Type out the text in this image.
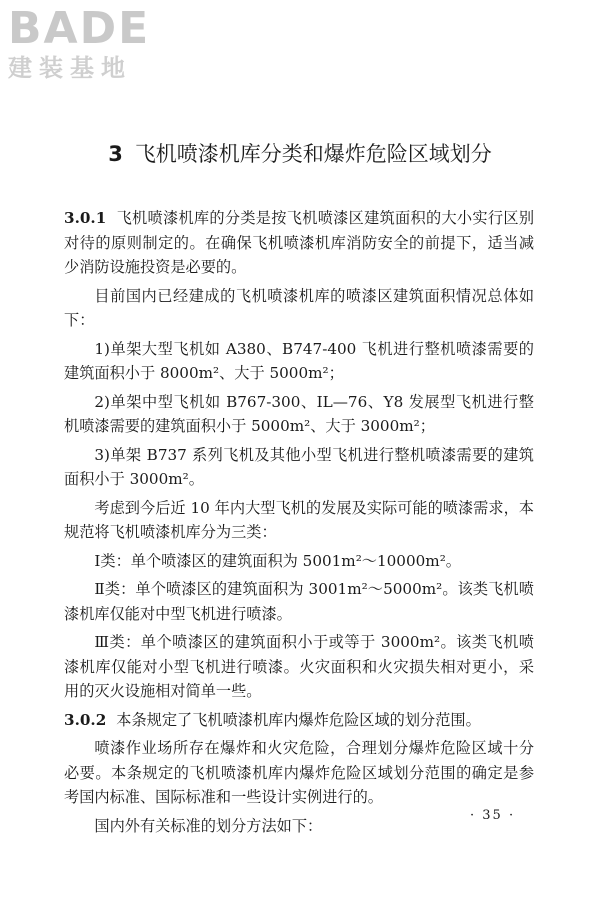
BADE
建装基地
3 飞机喷漆机库分类和爆炸危险区域划分

3.0.1 飞机喷漆机库的分类是按飞机喷漆区建筑面积的大小实行区别对待的原则制定的。在确保飞机喷漆机库消防安全的前提下，适当减少消防设施投资是必要的。

目前国内已经建成的飞机喷漆机库的喷漆区建筑面积情况总体如下：

1)单架大型飞机如 A380、B747-400 飞机进行整机喷漆需要的建筑面积小于 8000m²、大于 5000m²；

2)单架中型飞机如 B767-300、IL—76、Y8 发展型飞机进行整机喷漆需要的建筑面积小于 5000m²、大于 3000m²；

3)单架 B737 系列飞机及其他小型飞机进行整机喷漆需要的建筑面积小于 3000m²。

考虑到今后近 10 年内大型飞机的发展及实际可能的喷漆需求，本规范将飞机喷漆机库分为三类：

Ⅰ类：单个喷漆区的建筑面积为 5001m²～10000m²。

Ⅱ类：单个喷漆区的建筑面积为 3001m²～5000m²。该类飞机喷漆机库仅能对中型飞机进行喷漆。

Ⅲ类：单个喷漆区的建筑面积小于或等于 3000m²。该类飞机喷漆机库仅能对小型飞机进行喷漆。火灾面积和火灾损失相对更小，采用的灭火设施相对简单一些。

3.0.2 本条规定了飞机喷漆机库内爆炸危险区域的划分范围。

喷漆作业场所存在爆炸和火灾危险，合理划分爆炸危险区域十分必要。本条规定的飞机喷漆机库内爆炸危险区域划分范围的确定是参考国内标准、国际标准和一些设计实例进行的。

国内外有关标准的划分方法如下：

· 35 ·
